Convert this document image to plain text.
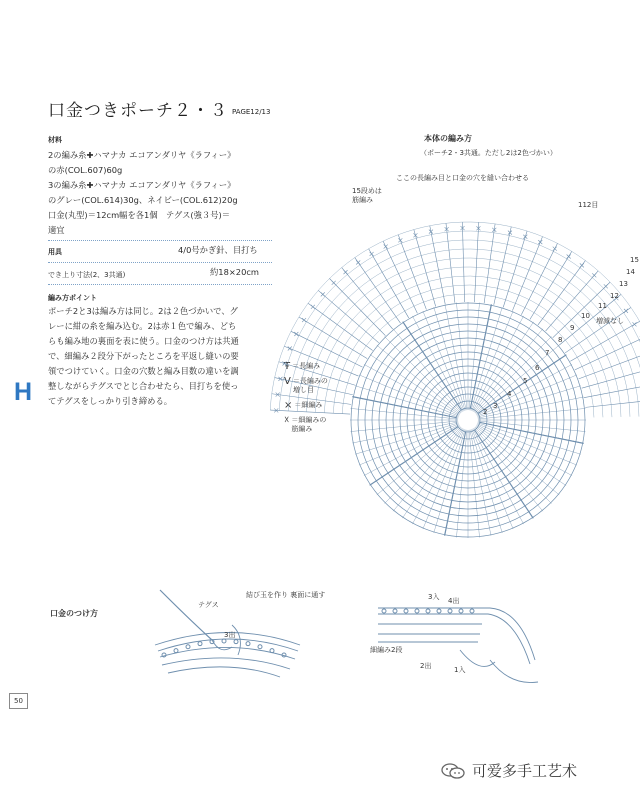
口金つきポーチ２・３ PAGE12/13
材料
2の編み糸✚ハマナカ エコアンダリヤ《ラフィー》
の赤(COL.607)60g
3の編み糸✚ハマナカ エコアンダリヤ《ラフィー》
のグレー(COL.614)30g、ネイビー(COL.612)20g
口金(丸型)＝12cm幅を各1個　テグス(強３号)＝
適宜
用具	4/0号かぎ針、目打ち
でき上り寸法(2、3共通)	約18×20cm
編み方ポイント
ポーチ2と3は編み方は同じ。2は２色づかいで、グ
レーに紺の糸を編み込む。2は赤１色で編み、どち
らも編み地の裏面を表に使う。口金のつけ方は共通
で、細編み２段分下がったところを平返し縫いの要
領でつけていく。口金の穴数と編み目数の違いを調
整しながらテグスでとじ合わせたら、目打ちを使っ
てテグスをしっかり引き締める。
H
Ŧ ＝長編み
V ＝長編みの
増し目
× ＝細編み
☓ ＝細編みの
筋編み
本体の編み方
（ポーチ2・3共通。ただし2は2色づかい）
ここの長編み目と口金の穴を縫い合わせる
15段めは
筋編み
112目
増減なし
15
14
13
12
11
10
9
8
7
6
5
4
3
2
口金のつけ方
テグス
3出
結び玉を作り 裏面に通す	3入 4出
細編み2段
2出	1入
50
可爱多手工艺术
